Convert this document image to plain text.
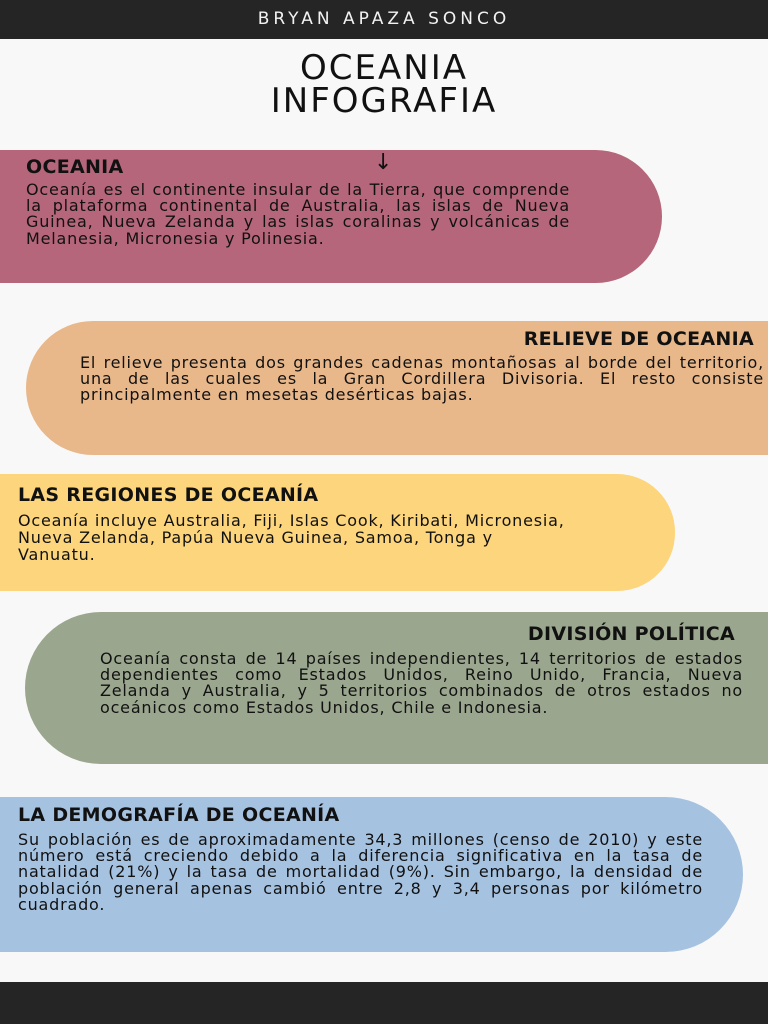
BRYAN APAZA SONCO
OCEANIA
INFOGRAFIA
OCEANIA

Oceanía es el continente insular de la Tierra, que comprende la plataforma continental de Australia, las islas de Nueva Guinea, Nueva Zelanda y las islas coralinas y volcánicas de Melanesia, Micronesia y Polinesia.

↓
RELIEVE DE OCEANIA

El relieve presenta dos grandes cadenas montañosas al borde del territorio, una de las cuales es la Gran Cordillera Divisoria. El resto consiste principalmente en mesetas desérticas bajas.

LAS REGIONES DE OCEANÍA

Oceanía incluye Australia, Fiji, Islas Cook, Kiribati, Micronesia, Nueva Zelanda, Papúa Nueva Guinea, Samoa, Tonga y Vanuatu.

DIVISIÓN POLÍTICA

Oceanía consta de 14 países independientes, 14 territorios de estados dependientes como Estados Unidos, Reino Unido, Francia, Nueva Zelanda y Australia, y 5 territorios combinados de otros estados no oceánicos como Estados Unidos, Chile e Indonesia.

LA DEMOGRAFÍA DE OCEANÍA

Su población es de aproximadamente 34,3 millones (censo de 2010) y este número está creciendo debido a la diferencia significativa en la tasa de natalidad (21%) y la tasa de mortalidad (9%). Sin embargo, la densidad de población general apenas cambió entre 2,8 y 3,4 personas por kilómetro cuadrado.
